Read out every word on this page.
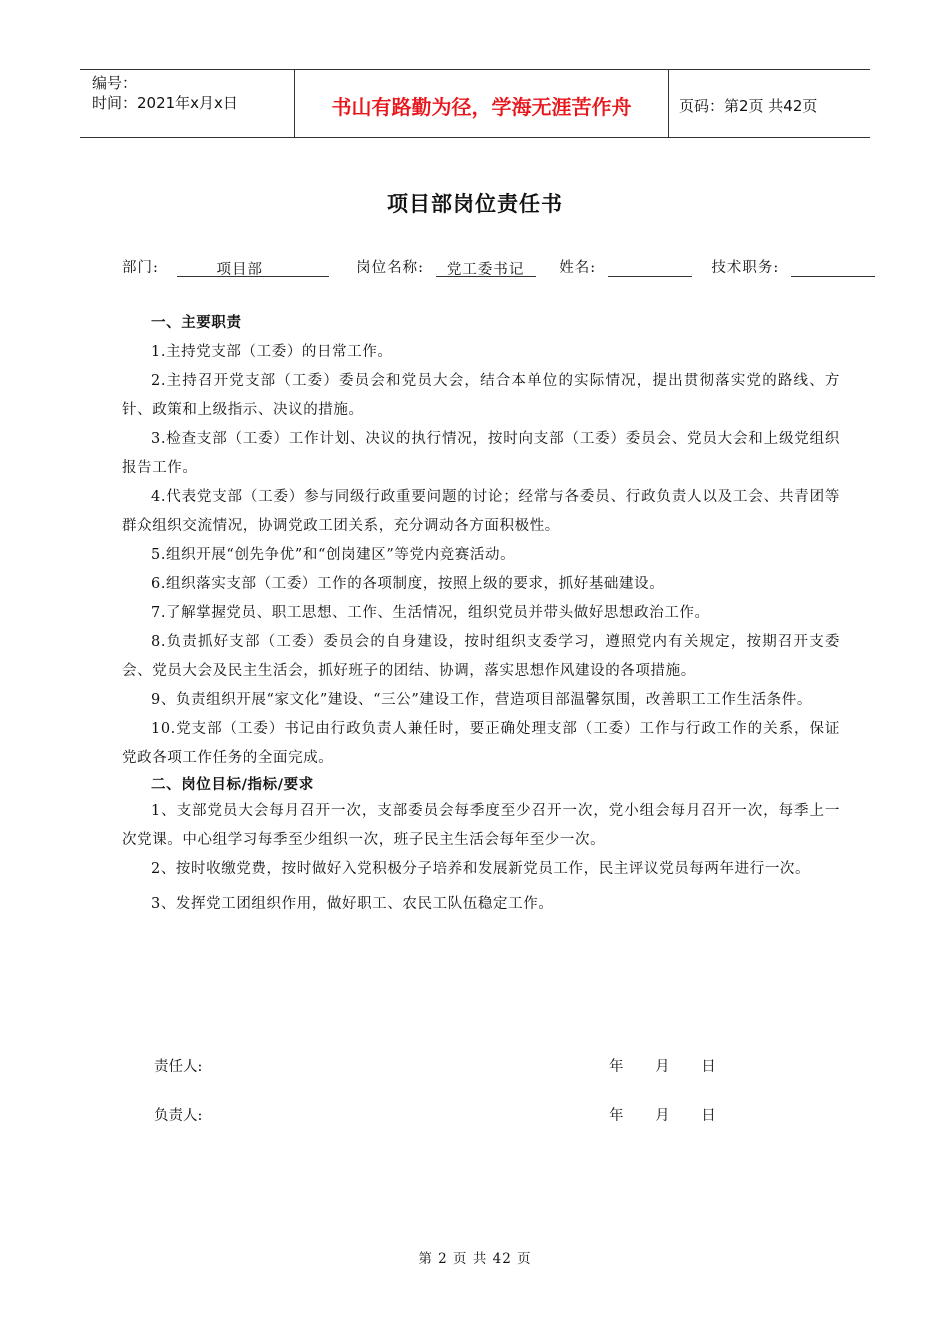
编号：
时间：2021年x月x日	书山有路勤为径，学海无涯苦作舟	页码：第2页 共42页
项目部岗位责任书
部门:	项目部	岗位名称: 党工委书记 姓名:	技术职务:

一、主要职责

1.主持党支部（工委）的日常工作。

2.主持召开党支部（工委）委员会和党员大会，结合本单位的实际情况，提出贯彻落实党的路线、方针、政策和上级指示、决议的措施。

3.检查支部（工委）工作计划、决议的执行情况，按时向支部（工委）委员会、党员大会和上级党组织报告工作。

4.代表党支部（工委）参与同级行政重要问题的讨论；经常与各委员、行政负责人以及工会、共青团等群众组织交流情况，协调党政工团关系，充分调动各方面积极性。

5.组织开展“创先争优”和“创岗建区”等党内竞赛活动。

6.组织落实支部（工委）工作的各项制度，按照上级的要求，抓好基础建设。

7.了解掌握党员、职工思想、工作、生活情况，组织党员并带头做好思想政治工作。

8.负责抓好支部（工委）委员会的自身建设，按时组织支委学习，遵照党内有关规定，按期召开支委会、党员大会及民主生活会，抓好班子的团结、协调，落实思想作风建设的各项措施。

9、负责组织开展“家文化”建设、“三公”建设工作，营造项目部温馨氛围，改善职工工作生活条件。

10.党支部（工委）书记由行政负责人兼任时，要正确处理支部（工委）工作与行政工作的关系，保证党政各项工作任务的全面完成。

二、岗位目标/指标/要求

1、支部党员大会每月召开一次，支部委员会每季度至少召开一次，党小组会每月召开一次，每季上一次党课。中心组学习每季至少组织一次，班子民主生活会每年至少一次。

2、按时收缴党费，按时做好入党积极分子培养和发展新党员工作，民主评议党员每两年进行一次。

3、发挥党工团组织作用，做好职工、农民工队伍稳定工作。

责任人:	年 月 日
负责人:	年 月 日
第 2 页 共 42 页
